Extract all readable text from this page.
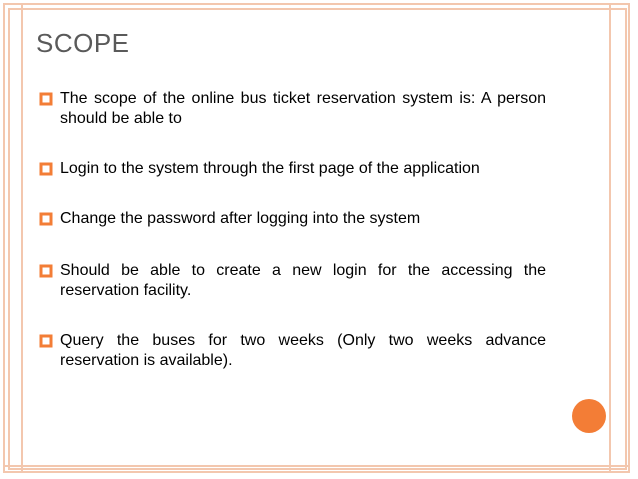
SCOPE
The scope of the online bus ticket reservation system is: A person should be able to
Login to the system through the first page of the application
Change the password after logging into the system
Should be able to create a new login for the accessing the reservation facility.
Query the buses for two weeks (Only two weeks advance reservation is available).
